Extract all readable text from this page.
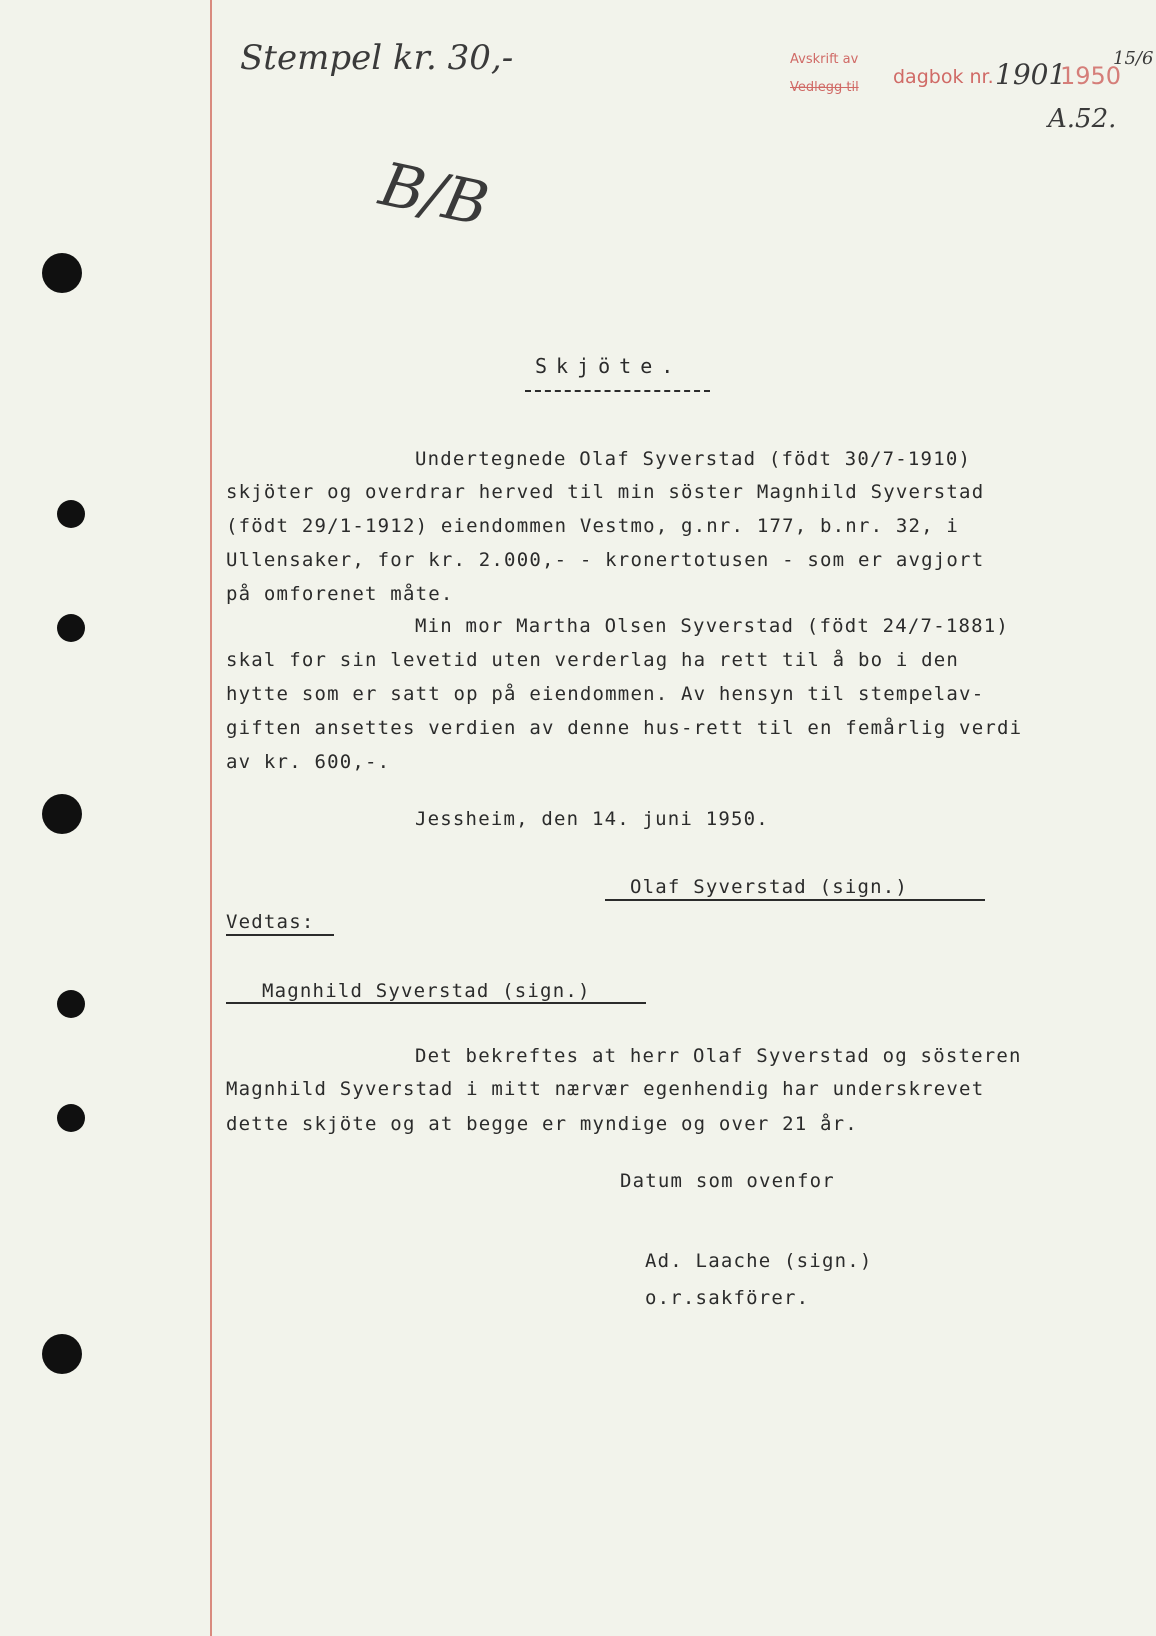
Stempel kr. 30,-	Avskrift av
Vedlegg til dagbok nr. 1901
1950
15/6
A.52.
B/B
Skjöte.
Undertegnede Olaf Syverstad (födt 30/7-1910)
skjöter og overdrar herved til min söster Magnhild Syverstad
(födt 29/1-1912) eiendommen Vestmo, g.nr. 177, b.nr. 32, i
Ullensaker, for kr. 2.000,- - kronertotusen - som er avgjort
på omforenet måte.
Min mor Martha Olsen Syverstad (födt 24/7-1881)
skal for sin levetid uten verderlag ha rett til å bo i den
hytte som er satt op på eiendommen. Av hensyn til stempelav-
giften ansettes verdien av denne hus-rett til en femårlig verdi
av kr. 600,-.
Jessheim, den 14. juni 1950.
Olaf Syverstad (sign.)
Vedtas:
Magnhild Syverstad (sign.)
Det bekreftes at herr Olaf Syverstad og sösteren
Magnhild Syverstad i mitt nærvær egenhendig har underskrevet
dette skjöte og at begge er myndige og over 21 år.
Datum som ovenfor
Ad. Laache (sign.)
o.r.sakförer.
